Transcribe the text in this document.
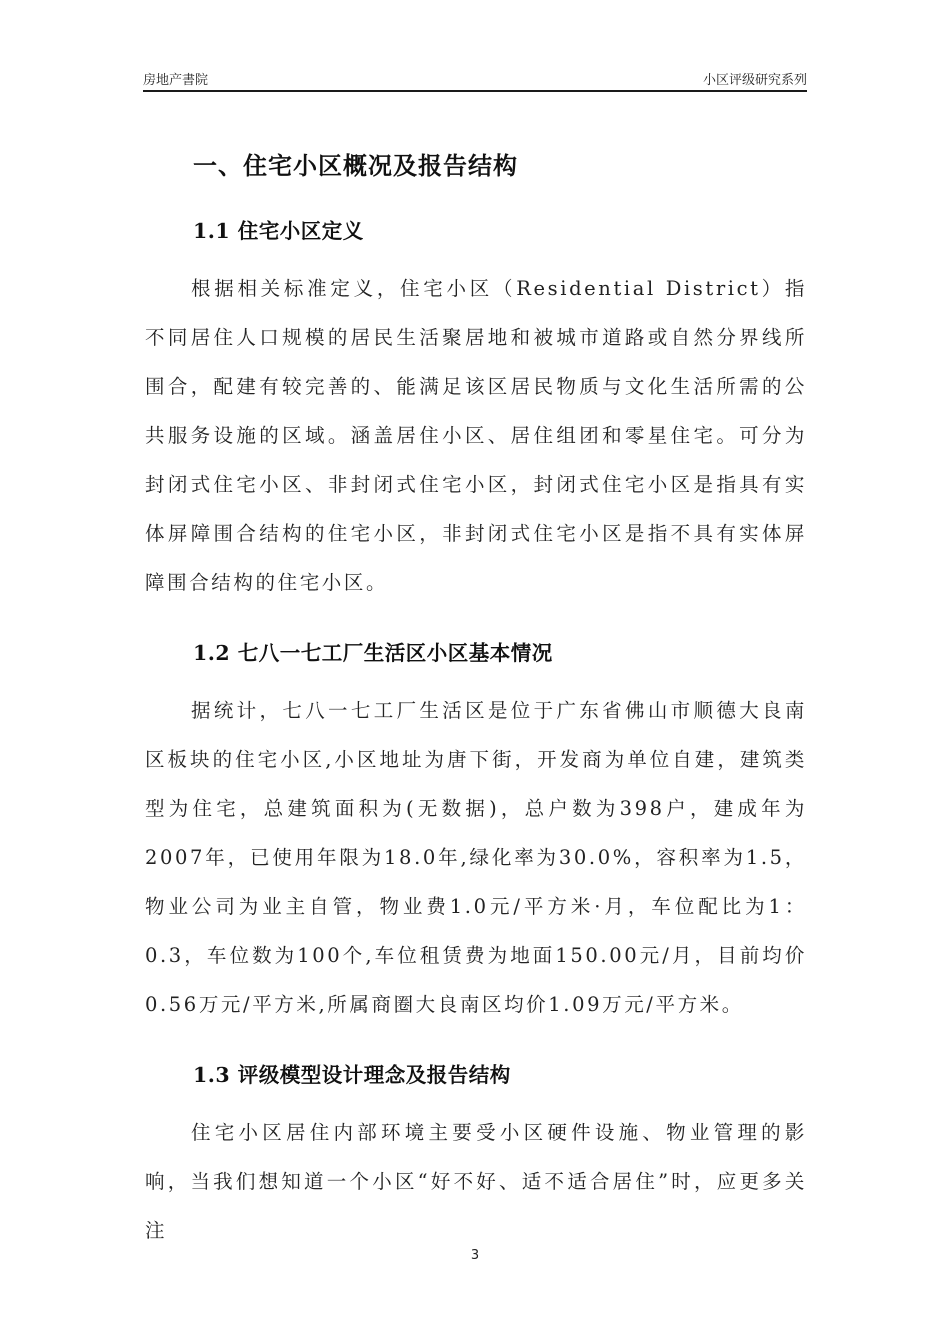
房地产書院	小区评级研究系列
一、住宅小区概况及报告结构
1.1 住宅小区定义
根据相关标准定义，住宅小区（Residential District）指不同居住人口规模的居民生活聚居地和被城市道路或自然分界线所围合，配建有较完善的、能满足该区居民物质与文化生活所需的公共服务设施的区域。涵盖居住小区、居住组团和零星住宅。可分为封闭式住宅小区、非封闭式住宅小区，封闭式住宅小区是指具有实体屏障围合结构的住宅小区，非封闭式住宅小区是指不具有实体屏障围合结构的住宅小区。
1.2 七八一七工厂生活区小区基本情况
据统计，七八一七工厂生活区是位于广东省佛山市顺德大良南区板块的住宅小区,小区地址为唐下街，开发商为单位自建，建筑类型为住宅，总建筑面积为(无数据)，总户数为398户，建成年为2007年，已使用年限为18.0年,绿化率为30.0%，容积率为1.5，物业公司为业主自管，物业费1.0元/平方米·月，车位配比为1：0.3，车位数为100个,车位租赁费为地面150.00元/月，目前均价0.56万元/平方米,所属商圈大良南区均价1.09万元/平方米。
1.3 评级模型设计理念及报告结构
住宅小区居住内部环境主要受小区硬件设施、物业管理的影响，当我们想知道一个小区“好不好、适不适合居住”时，应更多关注
3
